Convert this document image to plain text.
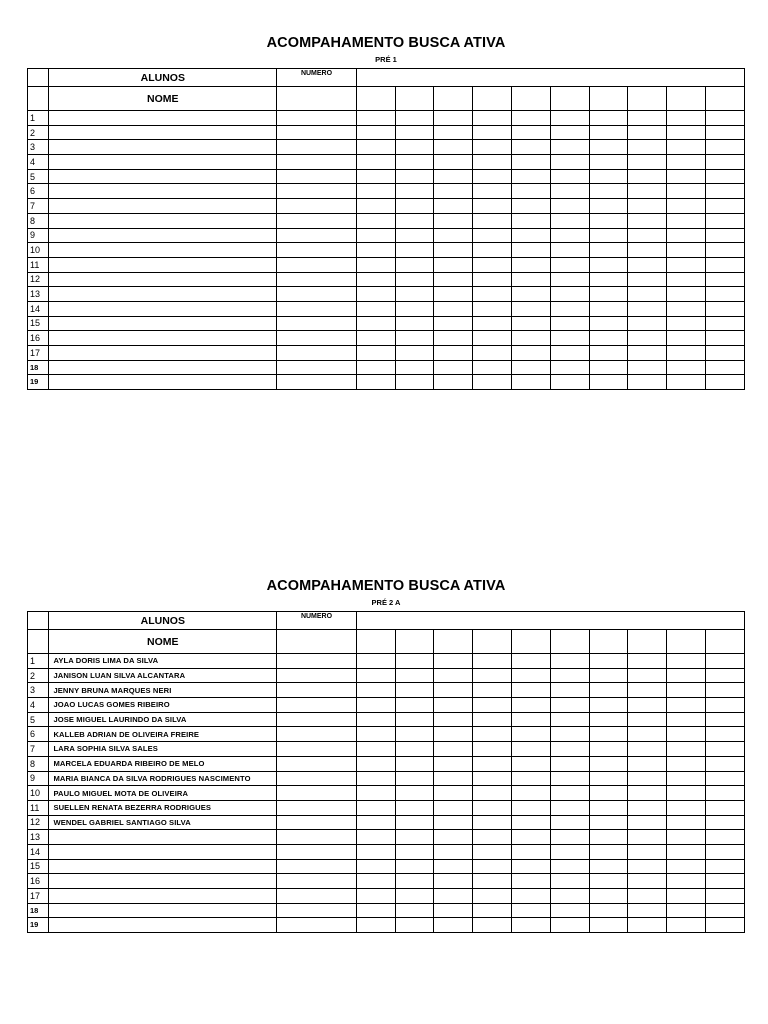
ACOMPAHAMENTO BUSCA ATIVA
PRÉ 1
	ALUNOS	NUMERO										
	NOME											
1												
2												
3												
4												
5												
6												
7												
8												
9												
10												
11												
12												
13												
14												
15												
16												
17												
18												
19												
ACOMPAHAMENTO BUSCA ATIVA
PRÉ 2 A
	ALUNOS	NUMERO										
	NOME											
1	AYLA DORIS LIMA DA SILVA											
2	JANISON LUAN SILVA ALCANTARA											
3	JENNY BRUNA MARQUES NERI											
4	JOAO LUCAS GOMES RIBEIRO											
5	JOSE MIGUEL LAURINDO DA SILVA											
6	KALLEB ADRIAN DE OLIVEIRA FREIRE											
7	LARA SOPHIA SILVA SALES											
8	MARCELA EDUARDA RIBEIRO DE MELO											
9	MARIA BIANCA DA SILVA RODRIGUES NASCIMENTO											
10	PAULO MIGUEL MOTA DE OLIVEIRA											
11	SUELLEN RENATA BEZERRA RODRIGUES											
12	WENDEL GABRIEL SANTIAGO SILVA											
13												
14												
15												
16												
17												
18												
19												
